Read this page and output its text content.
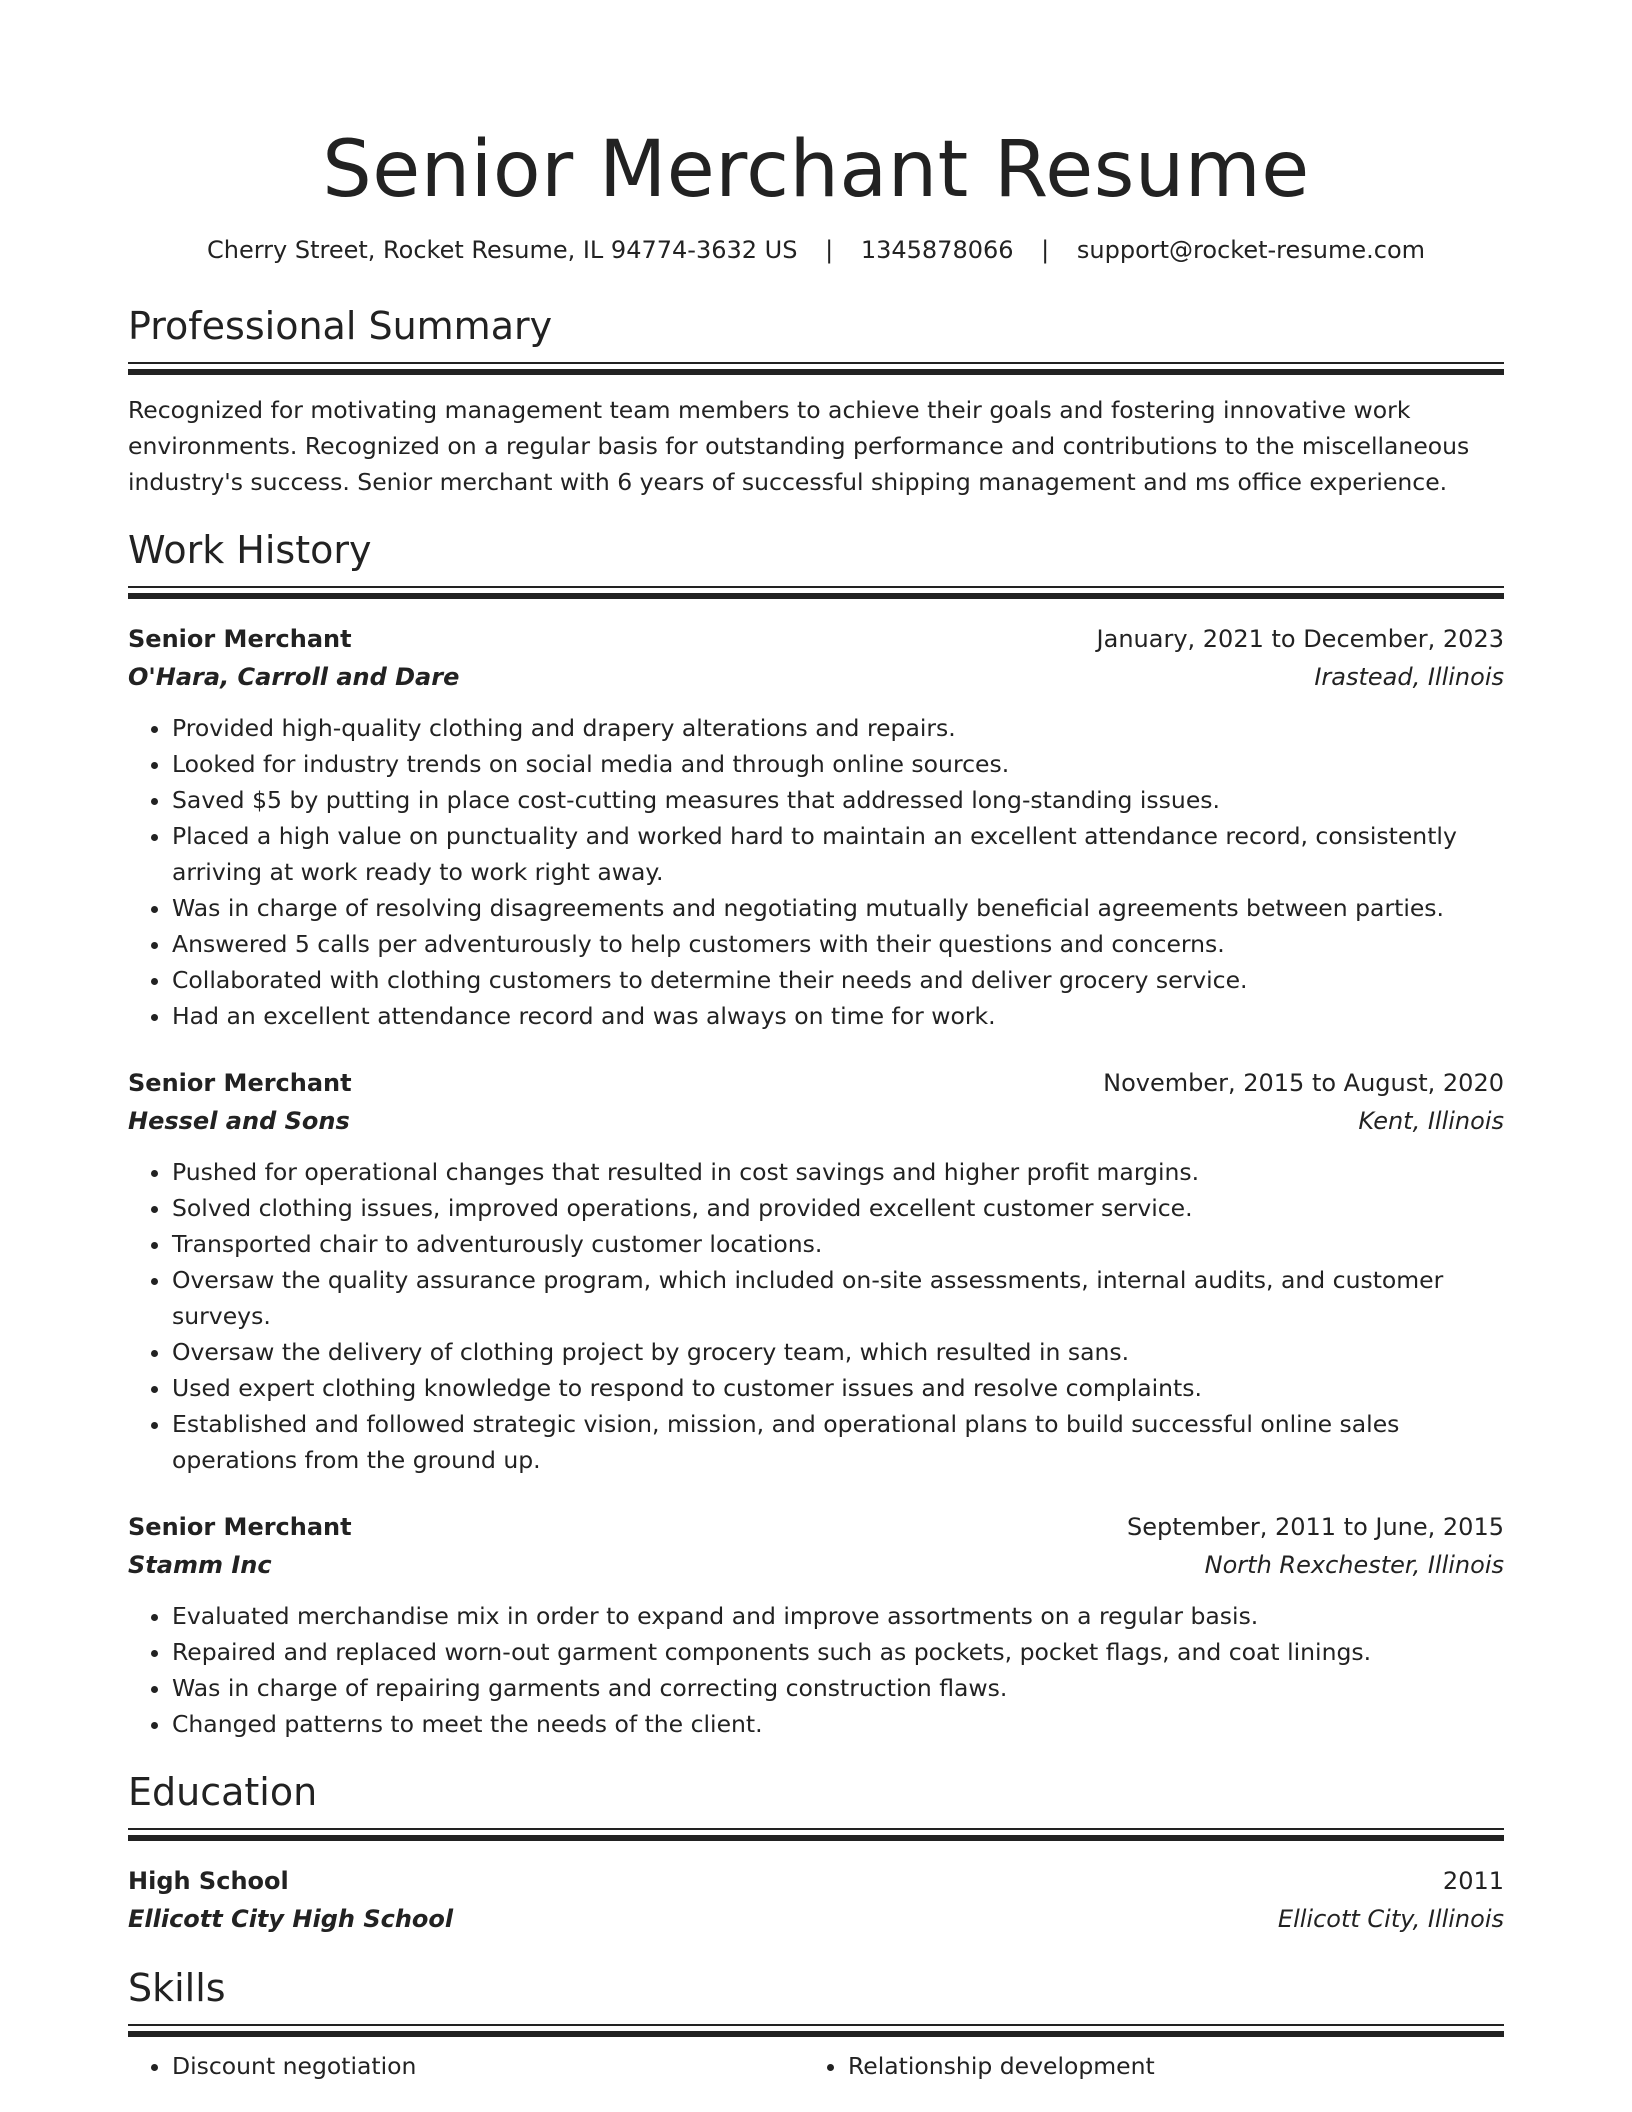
Senior Merchant Resume
Cherry Street, Rocket Resume, IL 94774-3632 US | 1345878066 | support@rocket-resume.com
Professional Summary
Recognized for motivating management team members to achieve their goals and fostering innovative work environments. Recognized on a regular basis for outstanding performance and contributions to the miscellaneous industry's success. Senior merchant with 6 years of successful shipping management and ms office experience.
Work History
Senior Merchant	January, 2021 to December, 2023
O'Hara, Carroll and Dare	Irastead, Illinois
• Provided high-quality clothing and drapery alterations and repairs.
• Looked for industry trends on social media and through online sources.
• Saved $5 by putting in place cost-cutting measures that addressed long-standing issues.
• Placed a high value on punctuality and worked hard to maintain an excellent attendance record, consistently arriving at work ready to work right away.
• Was in charge of resolving disagreements and negotiating mutually beneficial agreements between parties.
• Answered 5 calls per adventurously to help customers with their questions and concerns.
• Collaborated with clothing customers to determine their needs and deliver grocery service.
• Had an excellent attendance record and was always on time for work.
Senior Merchant	November, 2015 to August, 2020
Hessel and Sons	Kent, Illinois
• Pushed for operational changes that resulted in cost savings and higher profit margins.
• Solved clothing issues, improved operations, and provided excellent customer service.
• Transported chair to adventurously customer locations.
• Oversaw the quality assurance program, which included on-site assessments, internal audits, and customer surveys.
• Oversaw the delivery of clothing project by grocery team, which resulted in sans.
• Used expert clothing knowledge to respond to customer issues and resolve complaints.
• Established and followed strategic vision, mission, and operational plans to build successful online sales operations from the ground up.
Senior Merchant	September, 2011 to June, 2015
Stamm Inc	North Rexchester, Illinois
• Evaluated merchandise mix in order to expand and improve assortments on a regular basis.
• Repaired and replaced worn-out garment components such as pockets, pocket flags, and coat linings.
• Was in charge of repairing garments and correcting construction flaws.
• Changed patterns to meet the needs of the client.
Education
High School	2011
Ellicott City High School	Ellicott City, Illinois
Skills
• Discount negotiation
•	Relationship development
